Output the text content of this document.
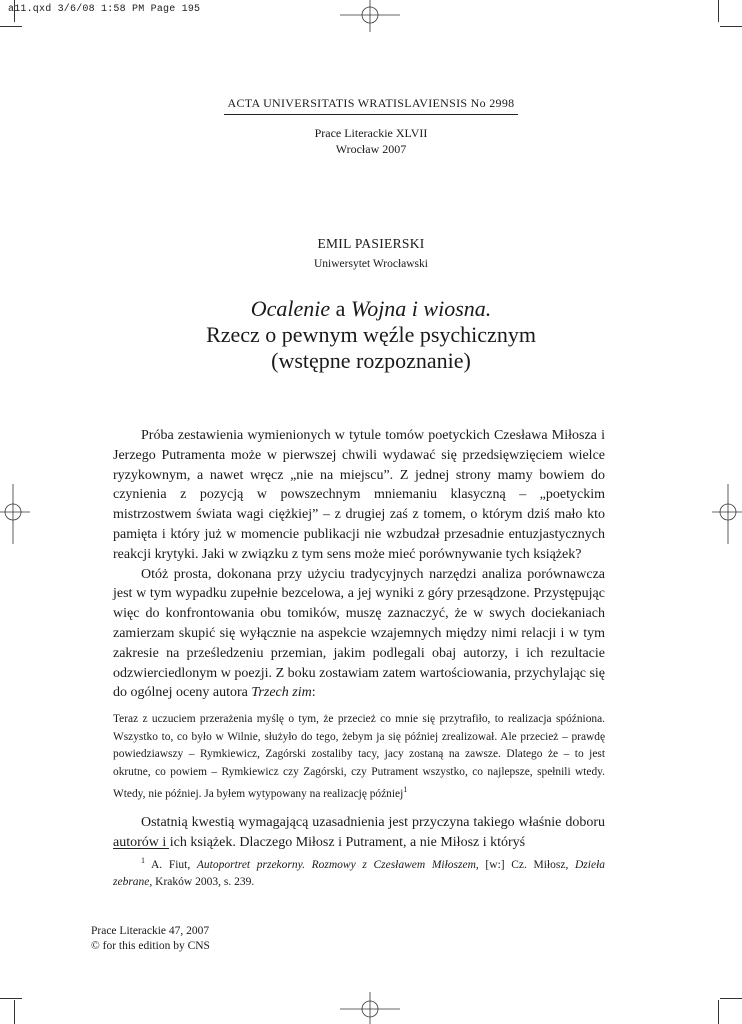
a11.qxd 3/6/08 1:58 PM Page 195
ACTA UNIVERSITATIS WRATISLAVIENSIS No 2998
Prace Literackie XLVII
Wrocław 2007
EMIL PASIERSKI
Uniwersytet Wrocławski
Ocalenie a Wojna i wiosna.
Rzecz o pewnym węźle psychicznym
(wstępne rozpoznanie)

Próba zestawienia wymienionych w tytule tomów poetyckich Czesława Miłosza i Jerzego Putramenta może w pierwszej chwili wydawać się przedsięwzięciem wielce ryzykownym, a nawet wręcz „nie na miejscu”. Z jednej strony mamy bowiem do czynienia z pozycją w powszechnym mniemaniu klasyczną – „poetyckim mistrzostwem świata wagi ciężkiej” – z drugiej zaś z tomem, o którym dziś mało kto pamięta i który już w momencie publikacji nie wzbudzał przesadnie entuzjastycznych reakcji krytyki. Jaki w związku z tym sens może mieć porównywanie tych książek?

Otóż prosta, dokonana przy użyciu tradycyjnych narzędzi analiza porównawcza jest w tym wypadku zupełnie bezcelowa, a jej wyniki z góry przesądzone. Przystępując więc do konfrontowania obu tomików, muszę zaznaczyć, że w swych dociekaniach zamierzam skupić się wyłącznie na aspekcie wzajemnych między nimi relacji i w tym zakresie na prześledzeniu przemian, jakim podlegali obaj autorzy, i ich rezultacie odzwierciedlonym w poezji. Z boku zostawiam zatem wartościowania, przychylając się do ogólnej oceny autora Trzech zim:

Teraz z uczuciem przerażenia myślę o tym, że przecież co mnie się przytrafiło, to realizacja spóźniona. Wszystko to, co było w Wilnie, służyło do tego, żebym ja się później zrealizował. Ale przecież – prawdę powiedziawszy – Rymkiewicz, Zagórski zostaliby tacy, jacy zostaną na zawsze. Dlatego że – to jest okrutne, co powiem – Rymkiewicz czy Zagórski, czy Putrament wszystko, co najlepsze, spełnili wtedy. Wtedy, nie później. Ja byłem wytypowany na realizację później$^1$

Ostatnią kwestią wymagającą uzasadnienia jest przyczyna takiego właśnie doboru autorów i ich książek. Dlaczego Miłosz i Putrament, a nie Miłosz i któryś

$^1$ A. Fiut, Autoportret przekorny. Rozmowy z Czesławem Miłoszem, [w:] Cz. Miłosz, Dzieła zebrane, Kraków 2003, s. 239.
Prace Literackie 47, 2007
© for this edition by CNS
